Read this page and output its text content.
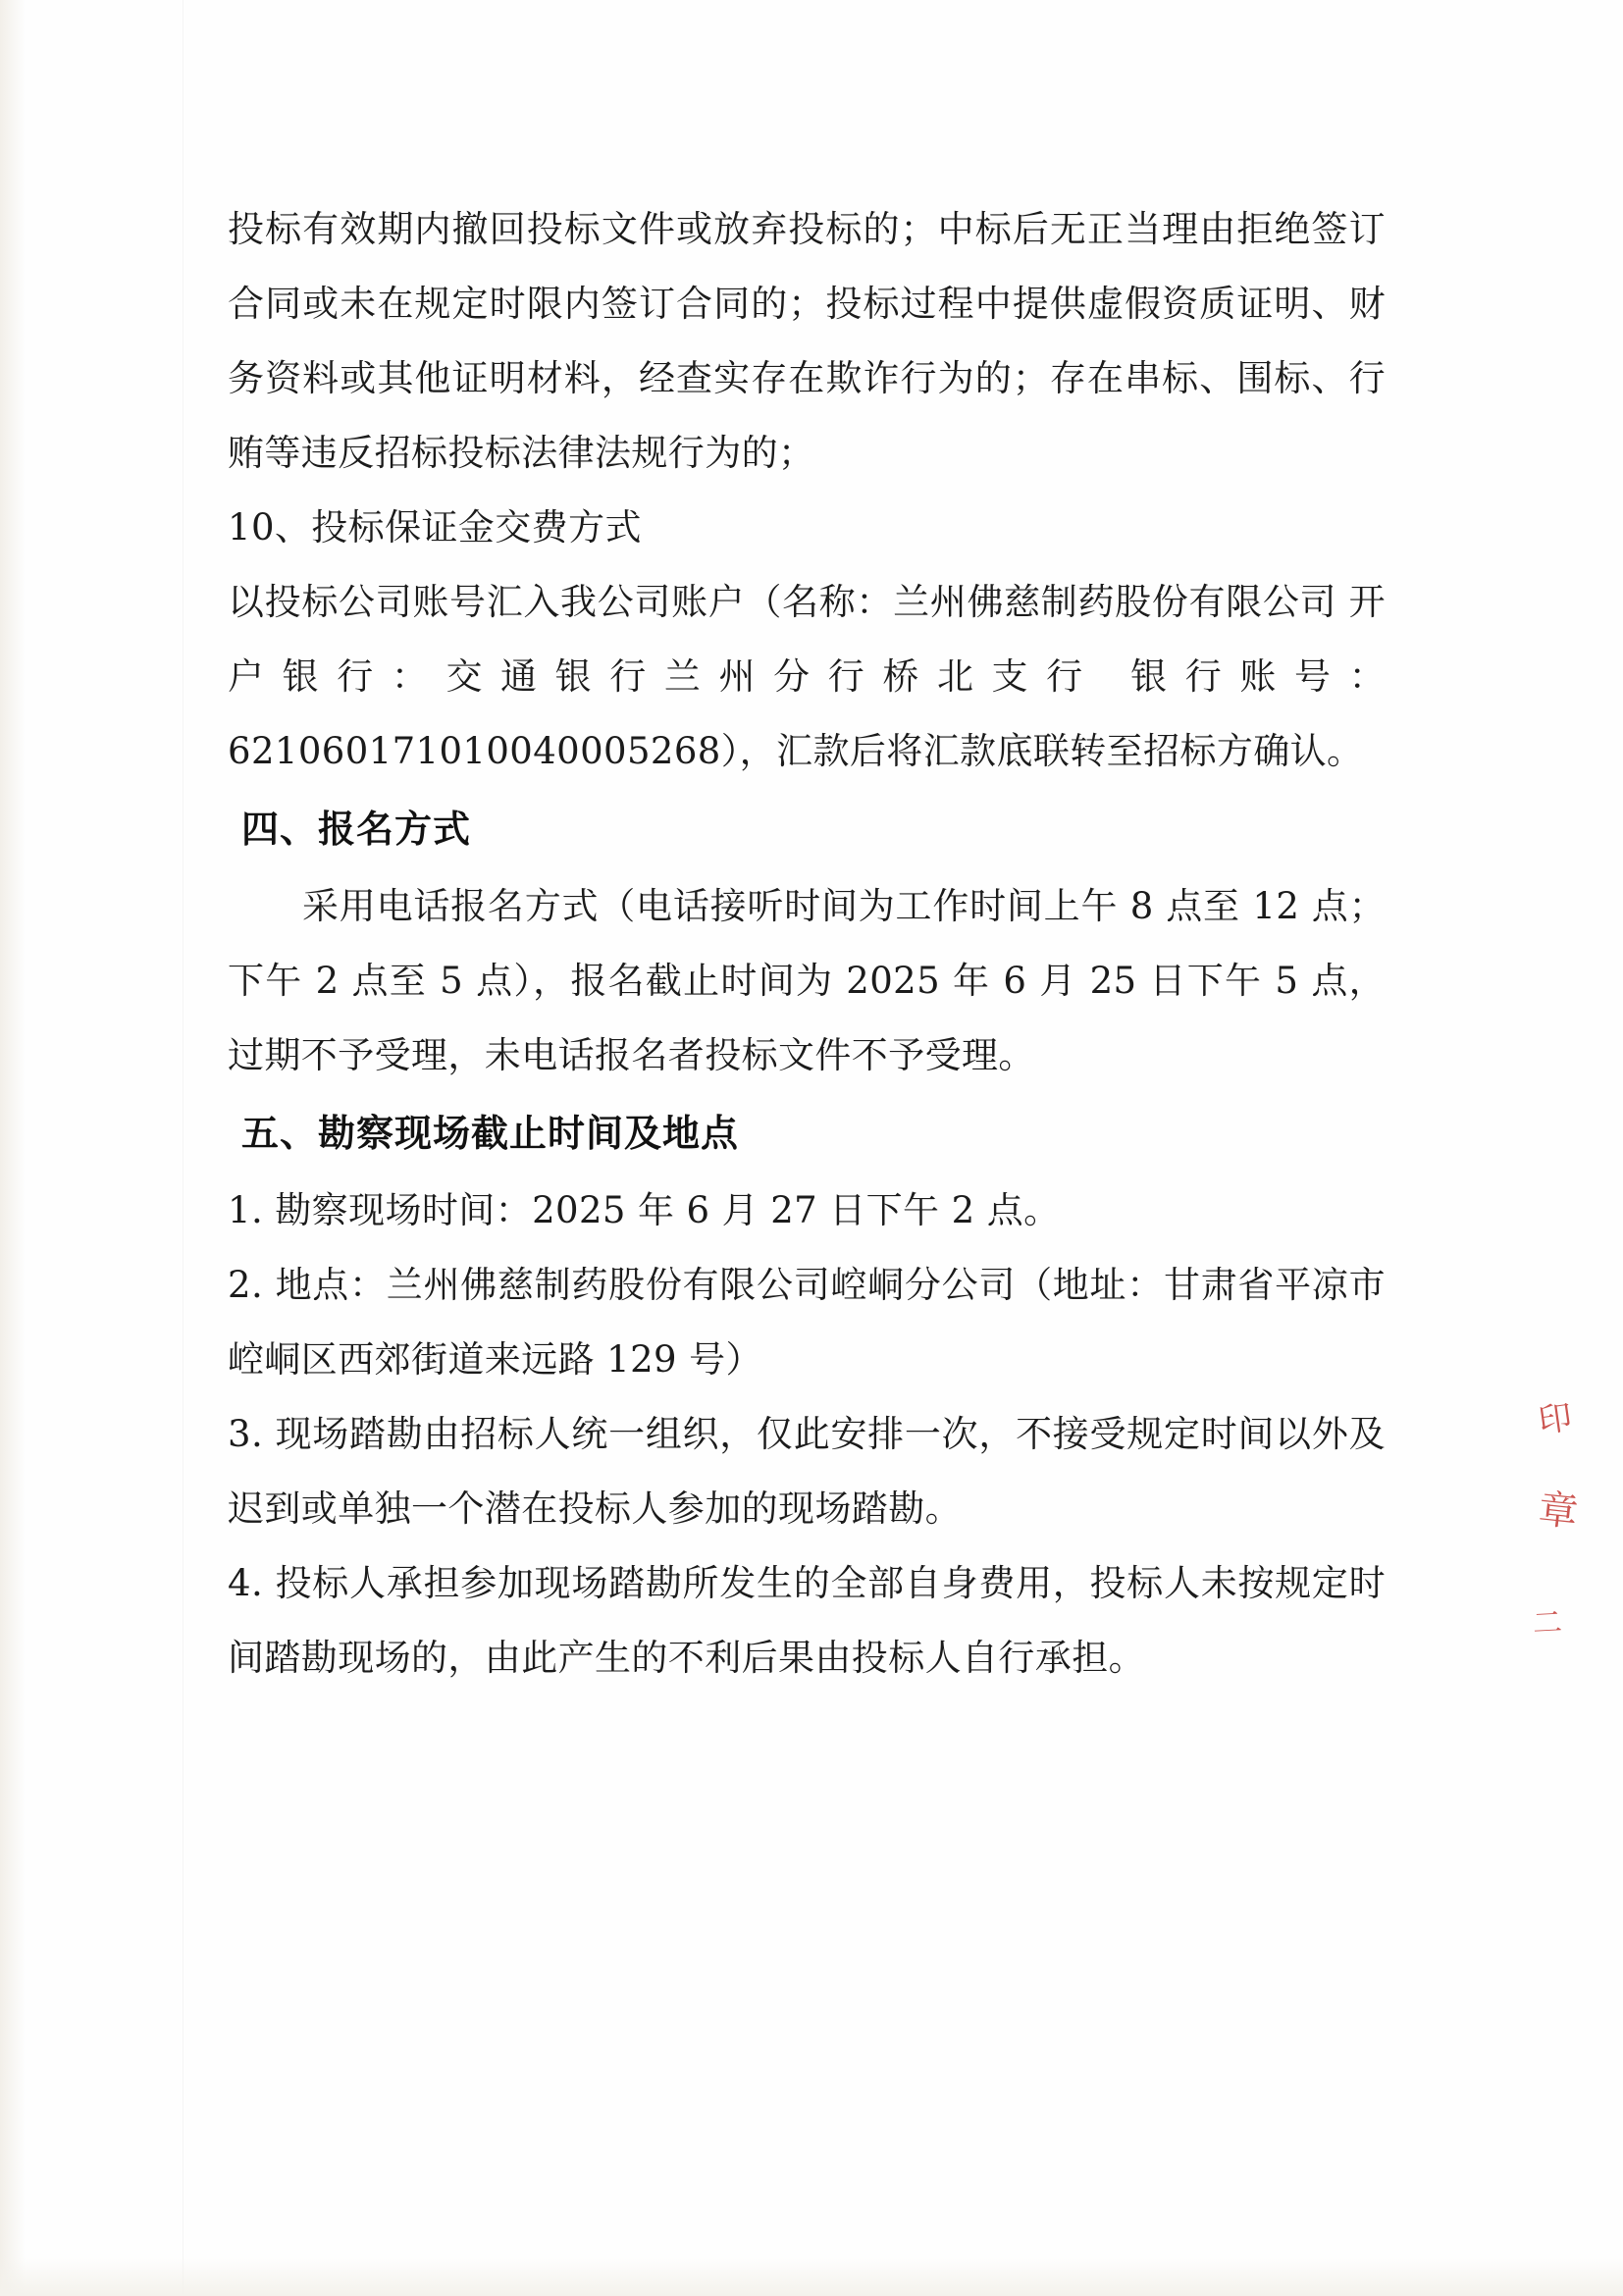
投标有效期内撤回投标文件或放弃投标的；中标后无正当理由拒绝签订合同或未在规定时限内签订合同的；投标过程中提供虚假资质证明、财务资料或其他证明材料，经查实存在欺诈行为的；存在串标、围标、行贿等违反招标投标法律法规行为的；

10、投标保证金交费方式

以投标公司账号汇入我公司账户（名称：兰州佛慈制药股份有限公司 开户银行：交通银行兰州分行桥北支行 银行账号：621060171010040005268），汇款后将汇款底联转至招标方确认。

四、报名方式

采用电话报名方式（电话接听时间为工作时间上午 8 点至 12 点；下午 2 点至 5 点），报名截止时间为 2025 年 6 月 25 日下午 5 点，过期不予受理，未电话报名者投标文件不予受理。

五、勘察现场截止时间及地点

1. 勘察现场时间：2025 年 6 月 27 日下午 2 点。

2. 地点：兰州佛慈制药股份有限公司崆峒分公司（地址：甘肃省平凉市崆峒区西郊街道来远路 129 号）

3. 现场踏勘由招标人统一组织，仅此安排一次，不接受规定时间以外及迟到或单独一个潜在投标人参加的现场踏勘。

4. 投标人承担参加现场踏勘所发生的全部自身费用，投标人未按规定时间踏勘现场的，由此产生的不利后果由投标人自行承担。

印
章
二
